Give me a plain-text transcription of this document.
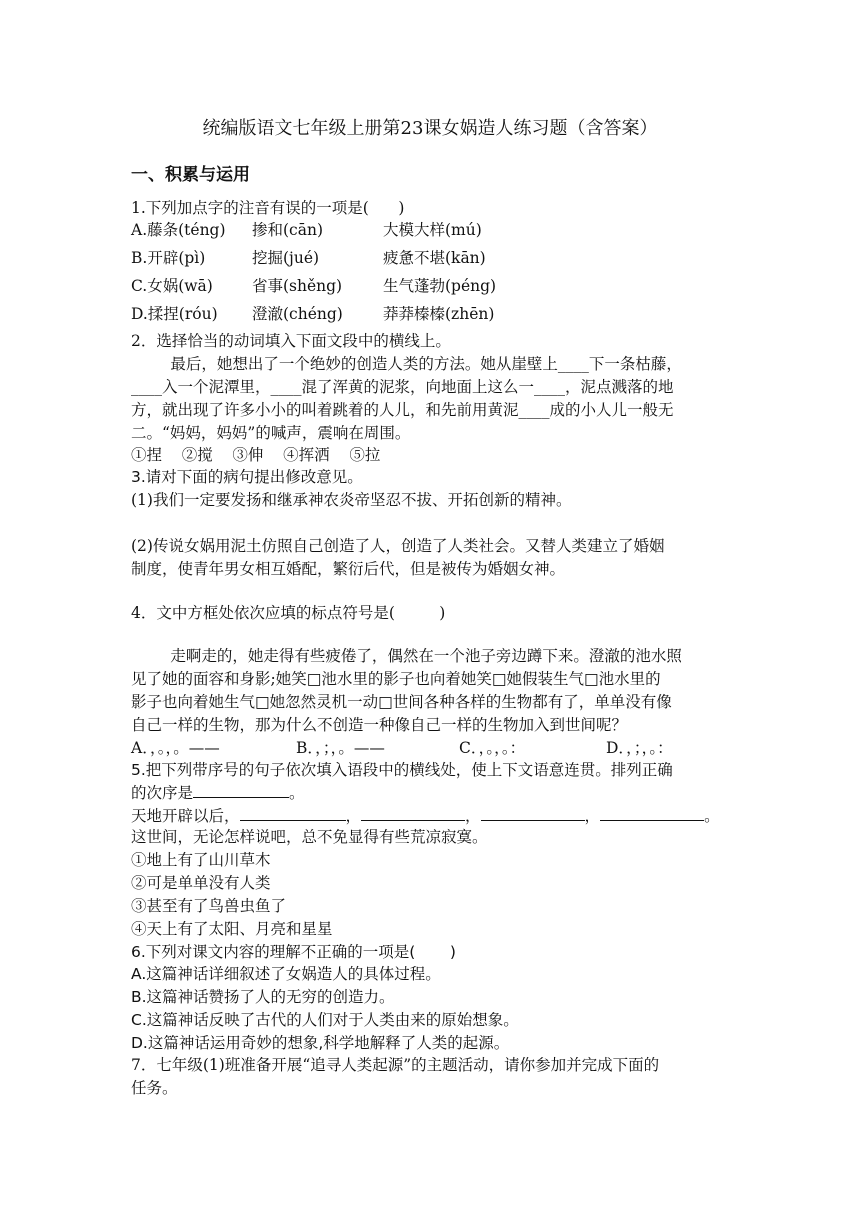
统编版语文七年级上册第23课女娲造人练习题（含答案）
一、积累与运用
1.下列加点字的注音有误的一项是(      )
A.藤条(téng) 掺和(cān)	大模大样(mú)
B.开辟(pì)	挖掘(jué)	疲惫不堪(kān)
C.女娲(wā)	省事(shěng)	生气蓬勃(péng)
D.揉捏(róu) 澄澈(chéng)	莽莽榛榛(zhēn)
2．选择恰当的动词填入下面文段中的横线上。
最后，她想出了一个绝妙的创造人类的方法。她从崖壁上____下一条枯藤，
____入一个泥潭里，____混了浑黄的泥浆，向地面上这么一____，泥点溅落的地
方，就出现了许多小小的叫着跳着的人儿，和先前用黄泥____成的小人儿一般无
二。“妈妈，妈妈”的喊声，震响在周围。
①捏    ②搅    ③伸    ④挥洒    ⑤拉
3.请对下面的病句提出修改意见。
(1)我们一定要发扬和继承神农炎帝坚忍不拔、开拓创新的精神。
(2)传说女娲用泥土仿照自己创造了人，创造了人类社会。又替人类建立了婚姻
制度，使青年男女相互婚配，繁衍后代，但是被传为婚姻女神。
4．文中方框处依次应填的标点符号是(         )
走啊走的，她走得有些疲倦了，偶然在一个池子旁边蹲下来。澄澈的池水照
见了她的面容和身影;她笑□池水里的影子也向着她笑□她假装生气□池水里的
影子也向着她生气□她忽然灵机一动□世间各种各样的生物都有了，单单没有像
自己一样的生物，那为什么不创造一种像自己一样的生物加入到世间呢？
A．，。，。——	B．，；，。——	C．，。，。：	D．，；，。：
5.把下列带序号的句子依次填入语段中的横线处，使上下文语意连贯。排列正确
的次序是	。
天地开辟以后，	，	，	，	。
这世间，无论怎样说吧，总不免显得有些荒凉寂寞。
①地上有了山川草木
②可是单单没有人类
③甚至有了鸟兽虫鱼了
④天上有了太阳、月亮和星星
6.下列对课文内容的理解不正确的一项是(       )
A.这篇神话详细叙述了女娲造人的具体过程。
B.这篇神话赞扬了人的无穷的创造力。
C.这篇神话反映了古代的人们对于人类由来的原始想象。
D.这篇神话运用奇妙的想象,科学地解释了人类的起源。
7．七年级(1)班准备开展“追寻人类起源”的主题活动，请你参加并完成下面的
任务。
